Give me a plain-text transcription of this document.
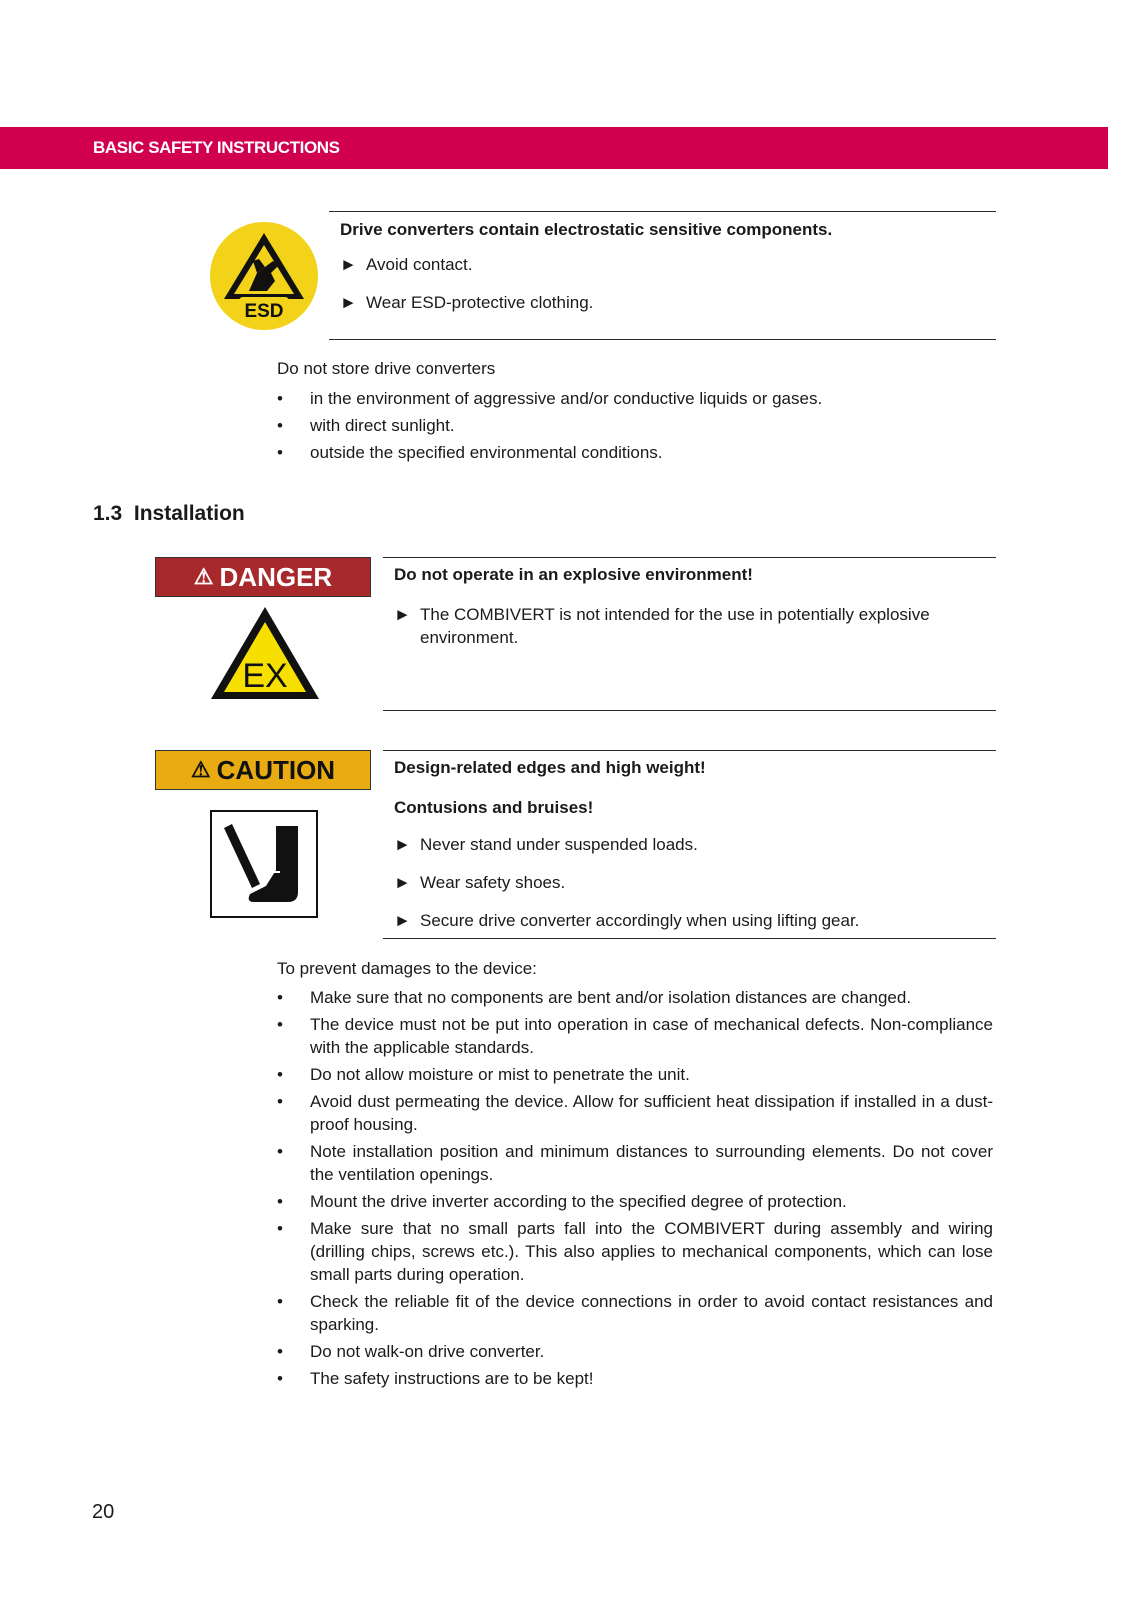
BASIC SAFETY INSTRUCTIONS
ESD
Drive converters contain electrostatic sensitive components.
► Avoid contact.
► Wear ESD-protective clothing.
Do not store drive converters
• in the environment of aggressive and/or conductive liquids or gases.
• with direct sunlight.
• outside the specified environmental conditions.
1.3 Installation
⚠ DANGER
EX
Do not operate in an explosive environment!
► The COMBIVERT is not intended for the use in potentially explosive
environment.
⚠ CAUTION	Design-related edges and high weight!
Contusions and bruises!
► Never stand under suspended loads.
► Wear safety shoes.
► Secure drive converter accordingly when using lifting gear.
To prevent damages to the device:
• Make sure that no components are bent and/or isolation distances are changed.
• The device must not be put into operation in case of mechanical defects. Non-compliance with the applicable standards.
• Do not allow moisture or mist to penetrate the unit.
• Avoid dust permeating the device. Allow for sufficient heat dissipation if installed in a dust-proof housing.
• Note installation position and minimum distances to surrounding elements. Do not cover the ventilation openings.
• Mount the drive inverter according to the specified degree of protection.
• Make sure that no small parts fall into the COMBIVERT during assembly and wiring (drilling chips, screws etc.). This also applies to mechanical components, which can lose small parts during operation.
• Check the reliable fit of the device connections in order to avoid contact resistances and sparking.
• Do not walk-on drive converter.
• The safety instructions are to be kept!
20
